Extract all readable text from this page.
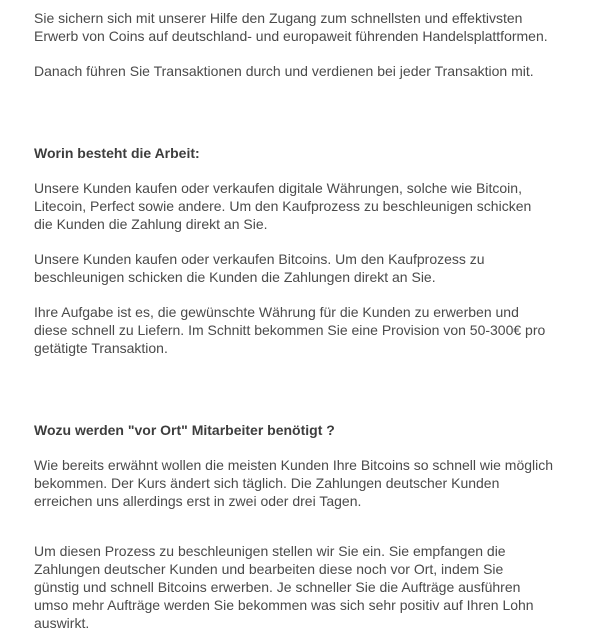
Sie sichern sich mit unserer Hilfe den Zugang zum schnellsten und effektivsten
Erwerb von Coins auf deutschland- und europaweit führenden Handelsplattformen.

Danach führen Sie Transaktionen durch und verdienen bei jeder Transaktion mit.

Worin besteht die Arbeit:

Unsere Kunden kaufen oder verkaufen digitale Währungen, solche wie Bitcoin,
Litecoin, Perfect sowie andere. Um den Kaufprozess zu beschleunigen schicken
die Kunden die Zahlung direkt an Sie.

Unsere Kunden kaufen oder verkaufen Bitcoins. Um den Kaufprozess zu
beschleunigen schicken die Kunden die Zahlungen direkt an Sie.

Ihre Aufgabe ist es, die gewünschte Währung für die Kunden zu erwerben und
diese schnell zu Liefern. Im Schnitt bekommen Sie eine Provision von 50-300€ pro
getätigte Transaktion.

Wozu werden "vor Ort" Mitarbeiter benötigt ?

Wie bereits erwähnt wollen die meisten Kunden Ihre Bitcoins so schnell wie möglich
bekommen. Der Kurs ändert sich täglich. Die Zahlungen deutscher Kunden
erreichen uns allerdings erst in zwei oder drei Tagen.

Um diesen Prozess zu beschleunigen stellen wir Sie ein. Sie empfangen die
Zahlungen deutscher Kunden und bearbeiten diese noch vor Ort, indem Sie
günstig und schnell Bitcoins erwerben. Je schneller Sie die Aufträge ausführen
umso mehr Aufträge werden Sie bekommen was sich sehr positiv auf Ihren Lohn
auswirkt.
